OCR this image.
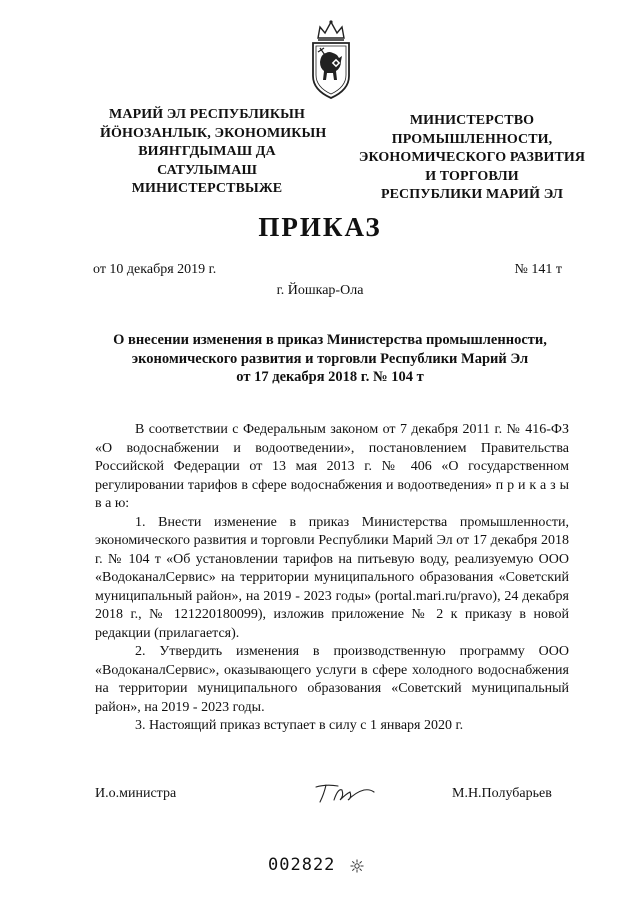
МАРИЙ ЭЛ РЕСПУБЛИКЫН
ЙӦНОЗАНЛЫК, ЭКОНОМИКЫН
ВИЯҤГДЫМАШ ДА
САТУЛЫМАШ
МИНИСТЕРСТВЫЖЕ
МИНИСТЕРСТВО
ПРОМЫШЛЕННОСТИ,
ЭКОНОМИЧЕСКОГО РАЗВИТИЯ
И ТОРГОВЛИ
РЕСПУБЛИКИ МАРИЙ ЭЛ
ПРИКАЗ
от 10 декабря 2019 г.	№ 141 т
г. Йошкар-Ола
О внесении изменения в приказ Министерства промышленности,
экономического развития и торговли Республики Марий Эл
от 17 декабря 2018 г. № 104 т

В соответствии с Федеральным законом от 7 декабря 2011 г. № 416-ФЗ «О водоснабжении и водоотведении», постановлением Правительства Российской Федерации от 13 мая 2013 г. № 406 «О государственном регулировании тарифов в сфере водоснабжения и водоотведения» п р и к а з ы в а ю:

1. Внести изменение в приказ Министерства промышленности, экономического развития и торговли Республики Марий Эл от 17 декабря 2018 г. № 104 т «Об установлении тарифов на питьевую воду, реализуемую ООО «ВодоканалСервис» на территории муниципального образования «Советский муниципальный район», на 2019 - 2023 годы» (portal.mari.ru/pravo), 24 декабря 2018 г., № 121220180099), изложив приложение № 2 к приказу в новой редакции (прилагается).

2. Утвердить изменения в производственную программу ООО «ВодоканалСервис», оказывающего услуги в сфере холодного водоснабжения на территории муниципального образования «Советский муниципальный район», на 2019 - 2023 годы.

3. Настоящий приказ вступает в силу с 1 января 2020 г.

И.о.министра	М.Н.Полубарьев
002822
